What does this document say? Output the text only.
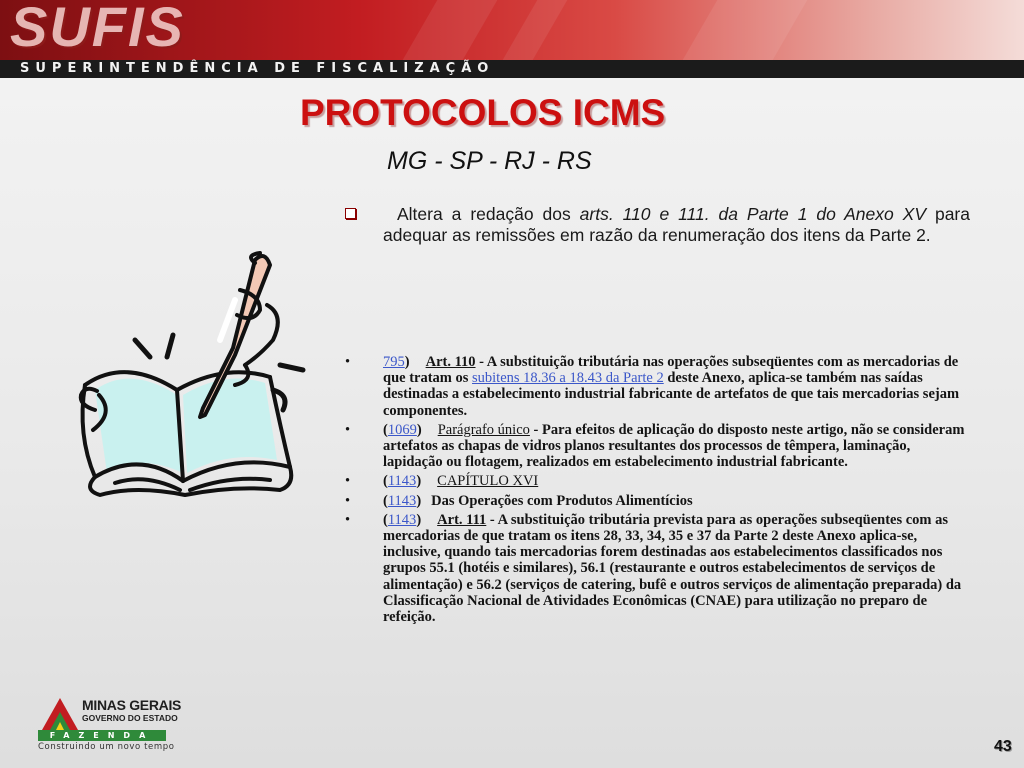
SUFIS
SUPERINTENDÊNCIA DE FISCALIZAÇÃO
PROTOCOLOS ICMS
MG - SP - RJ - RS

Altera a redação dos arts. 110 e 111. da Parte 1 do Anexo XV para adequar as remissões em razão da renumeração dos itens da Parte 2.

• 795) Art. 110 - A substituição tributária nas operações subseqüentes com as mercadorias de que tratam os subitens 18.36 a 18.43 da Parte 2 deste Anexo, aplica-se também nas saídas destinadas a estabelecimento industrial fabricante de artefatos de que tais mercadorias sejam componentes.
• (1069) Parágrafo único - Para efeitos de aplicação do disposto neste artigo, não se consideram artefatos as chapas de vidros planos resultantes dos processos de têmpera, laminação, lapidação ou flotagem, realizados em estabelecimento industrial fabricante.
• (1143) CAPÍTULO XVI
• (1143) Das Operações com Produtos Alimentícios
• (1143) Art. 111 - A substituição tributária prevista para as operações subseqüentes com as mercadorias de que tratam os itens 28, 33, 34, 35 e 37 da Parte 2 deste Anexo aplica-se, inclusive, quando tais mercadorias forem destinadas aos estabelecimentos classificados nos grupos 55.1 (hotéis e similares), 56.1 (restaurante e outros estabelecimentos de serviços de alimentação) e 56.2 (serviços de catering, bufê e outros serviços de alimentação preparada) da Classificação Nacional de Atividades Econômicas (CNAE) para utilização no preparo de refeição.
MINAS GERAIS
GOVERNO DO ESTADO
FAZENDA
Construindo um novo tempo	43
